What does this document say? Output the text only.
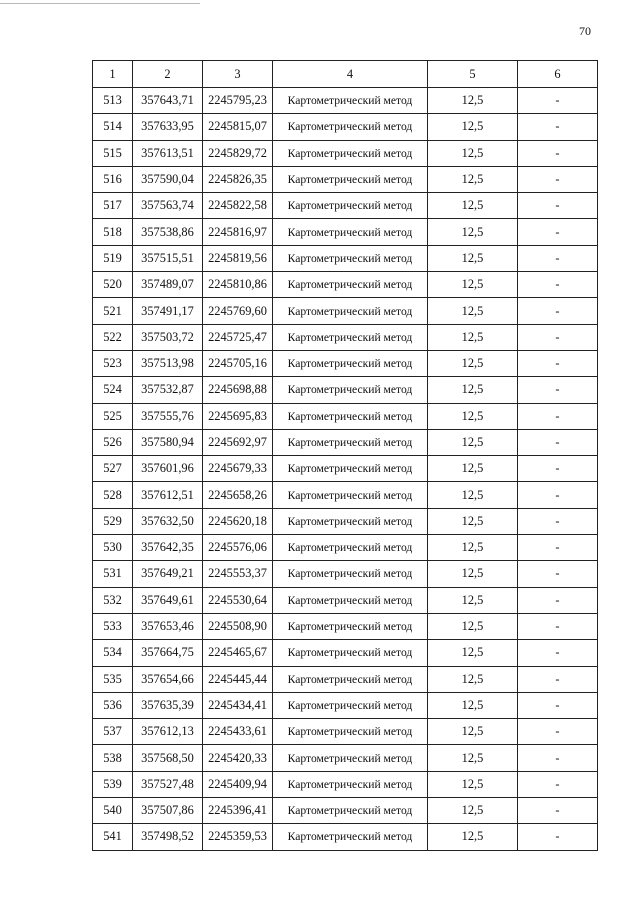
70
1	2	3	4	5	6
513	357643,71	2245795,23	Картометрический метод	12,5	-
514	357633,95	2245815,07	Картометрический метод	12,5	-
515	357613,51	2245829,72	Картометрический метод	12,5	-
516	357590,04	2245826,35	Картометрический метод	12,5	-
517	357563,74	2245822,58	Картометрический метод	12,5	-
518	357538,86	2245816,97	Картометрический метод	12,5	-
519	357515,51	2245819,56	Картометрический метод	12,5	-
520	357489,07	2245810,86	Картометрический метод	12,5	-
521	357491,17	2245769,60	Картометрический метод	12,5	-
522	357503,72	2245725,47	Картометрический метод	12,5	-
523	357513,98	2245705,16	Картометрический метод	12,5	-
524	357532,87	2245698,88	Картометрический метод	12,5	-
525	357555,76	2245695,83	Картометрический метод	12,5	-
526	357580,94	2245692,97	Картометрический метод	12,5	-
527	357601,96	2245679,33	Картометрический метод	12,5	-
528	357612,51	2245658,26	Картометрический метод	12,5	-
529	357632,50	2245620,18	Картометрический метод	12,5	-
530	357642,35	2245576,06	Картометрический метод	12,5	-
531	357649,21	2245553,37	Картометрический метод	12,5	-
532	357649,61	2245530,64	Картометрический метод	12,5	-
533	357653,46	2245508,90	Картометрический метод	12,5	-
534	357664,75	2245465,67	Картометрический метод	12,5	-
535	357654,66	2245445,44	Картометрический метод	12,5	-
536	357635,39	2245434,41	Картометрический метод	12,5	-
537	357612,13	2245433,61	Картометрический метод	12,5	-
538	357568,50	2245420,33	Картометрический метод	12,5	-
539	357527,48	2245409,94	Картометрический метод	12,5	-
540	357507,86	2245396,41	Картометрический метод	12,5	-
541	357498,52	2245359,53	Картометрический метод	12,5	-
